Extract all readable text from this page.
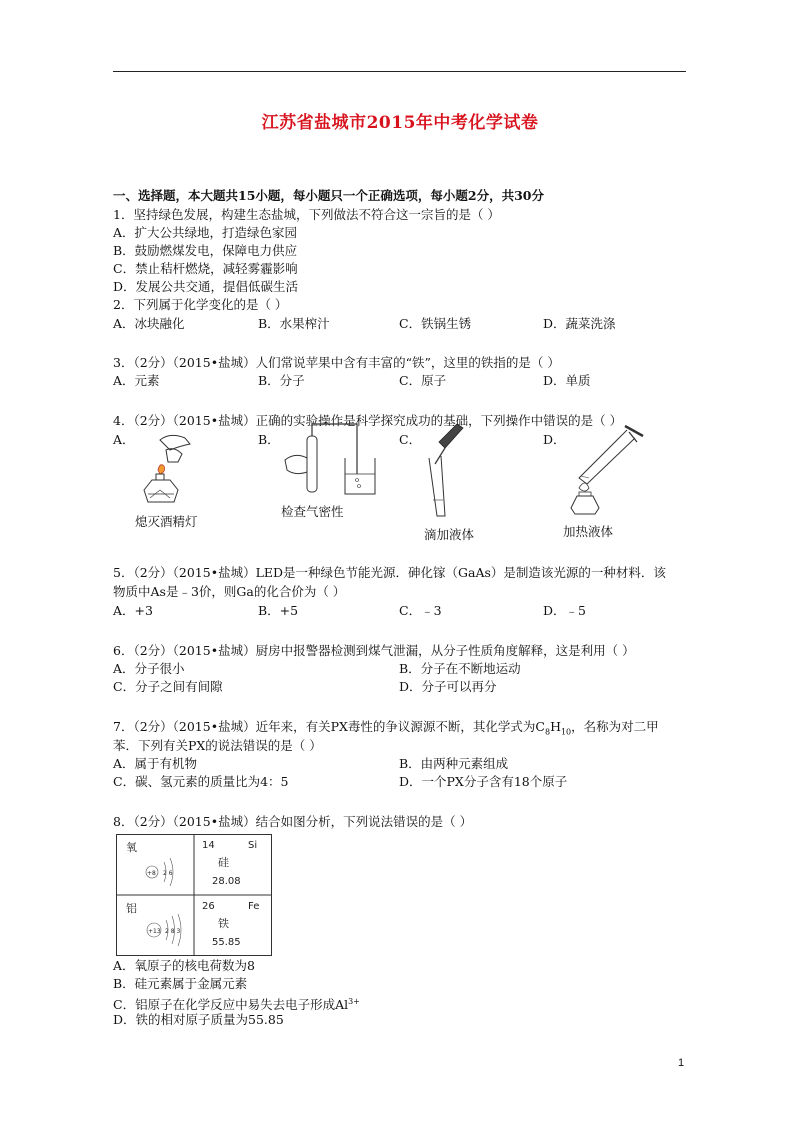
江苏省盐城市2015年中考化学试卷
一、选择题，本大题共15小题，每小题只一个正确选项，每小题2分，共30分
1．坚持绿色发展，构建生态盐城，下列做法不符合这一宗旨的是（ ）
A．扩大公共绿地，打造绿色家园
B．鼓励燃煤发电，保障电力供应
C．禁止秸杆燃烧，减轻雾霾影响
D．发展公共交通，提倡低碳生活
2．下列属于化学变化的是（ ）
A．冰块融化	B．水果榨汁	C．铁锅生锈	D．蔬菜洗涤
3．（2分）（2015•盐城）人们常说苹果中含有丰富的“铁”，这里的铁指的是（ ）
A．元素	B．分子	C．原子	D．单质
4．（2分）（2015•盐城）正确的实验操作是科学探究成功的基础，下列操作中错误的是（ ）
A．	B．	C．	D．
熄灭酒精灯
检查气密性
滴加液体	加热液体
5．（2分）（2015•盐城）LED是一种绿色节能光源．砷化镓（GaAs）是制造该光源的一种材料．该
物质中As是﹣3价，则Ga的化合价为（ ）
A．+3	B．+5	C．﹣3	D．﹣5
6．（2分）（2015•盐城）厨房中报警器检测到煤气泄漏，从分子性质角度解释，这是利用（ ）
A．分子很小	B．分子在不断地运动
C．分子之间有间隙	D．分子可以再分
7．（2分）（2015•盐城）近年来，有关PX毒性的争议源源不断，其化学式为$C_8H_{10}$，名称为对二甲
苯．下列有关PX的说法错误的是（ ）
A．属于有机物	B．由两种元素组成
C．碳、氢元素的质量比为4：5	D．一个PX分子含有18个原子
8．（2分）（2015•盐城）结合如图分析，下列说法错误的是（ ）
氧
+8 2 6
14	Si
硅
28.08
铝
+13 2 8 3
26	Fe
铁
55.85
A．氧原子的核电荷数为8
B．硅元素属于金属元素
C．铝原子在化学反应中易失去电子形成$Al^{3+}$
D．铁的相对原子质量为55.85
1
